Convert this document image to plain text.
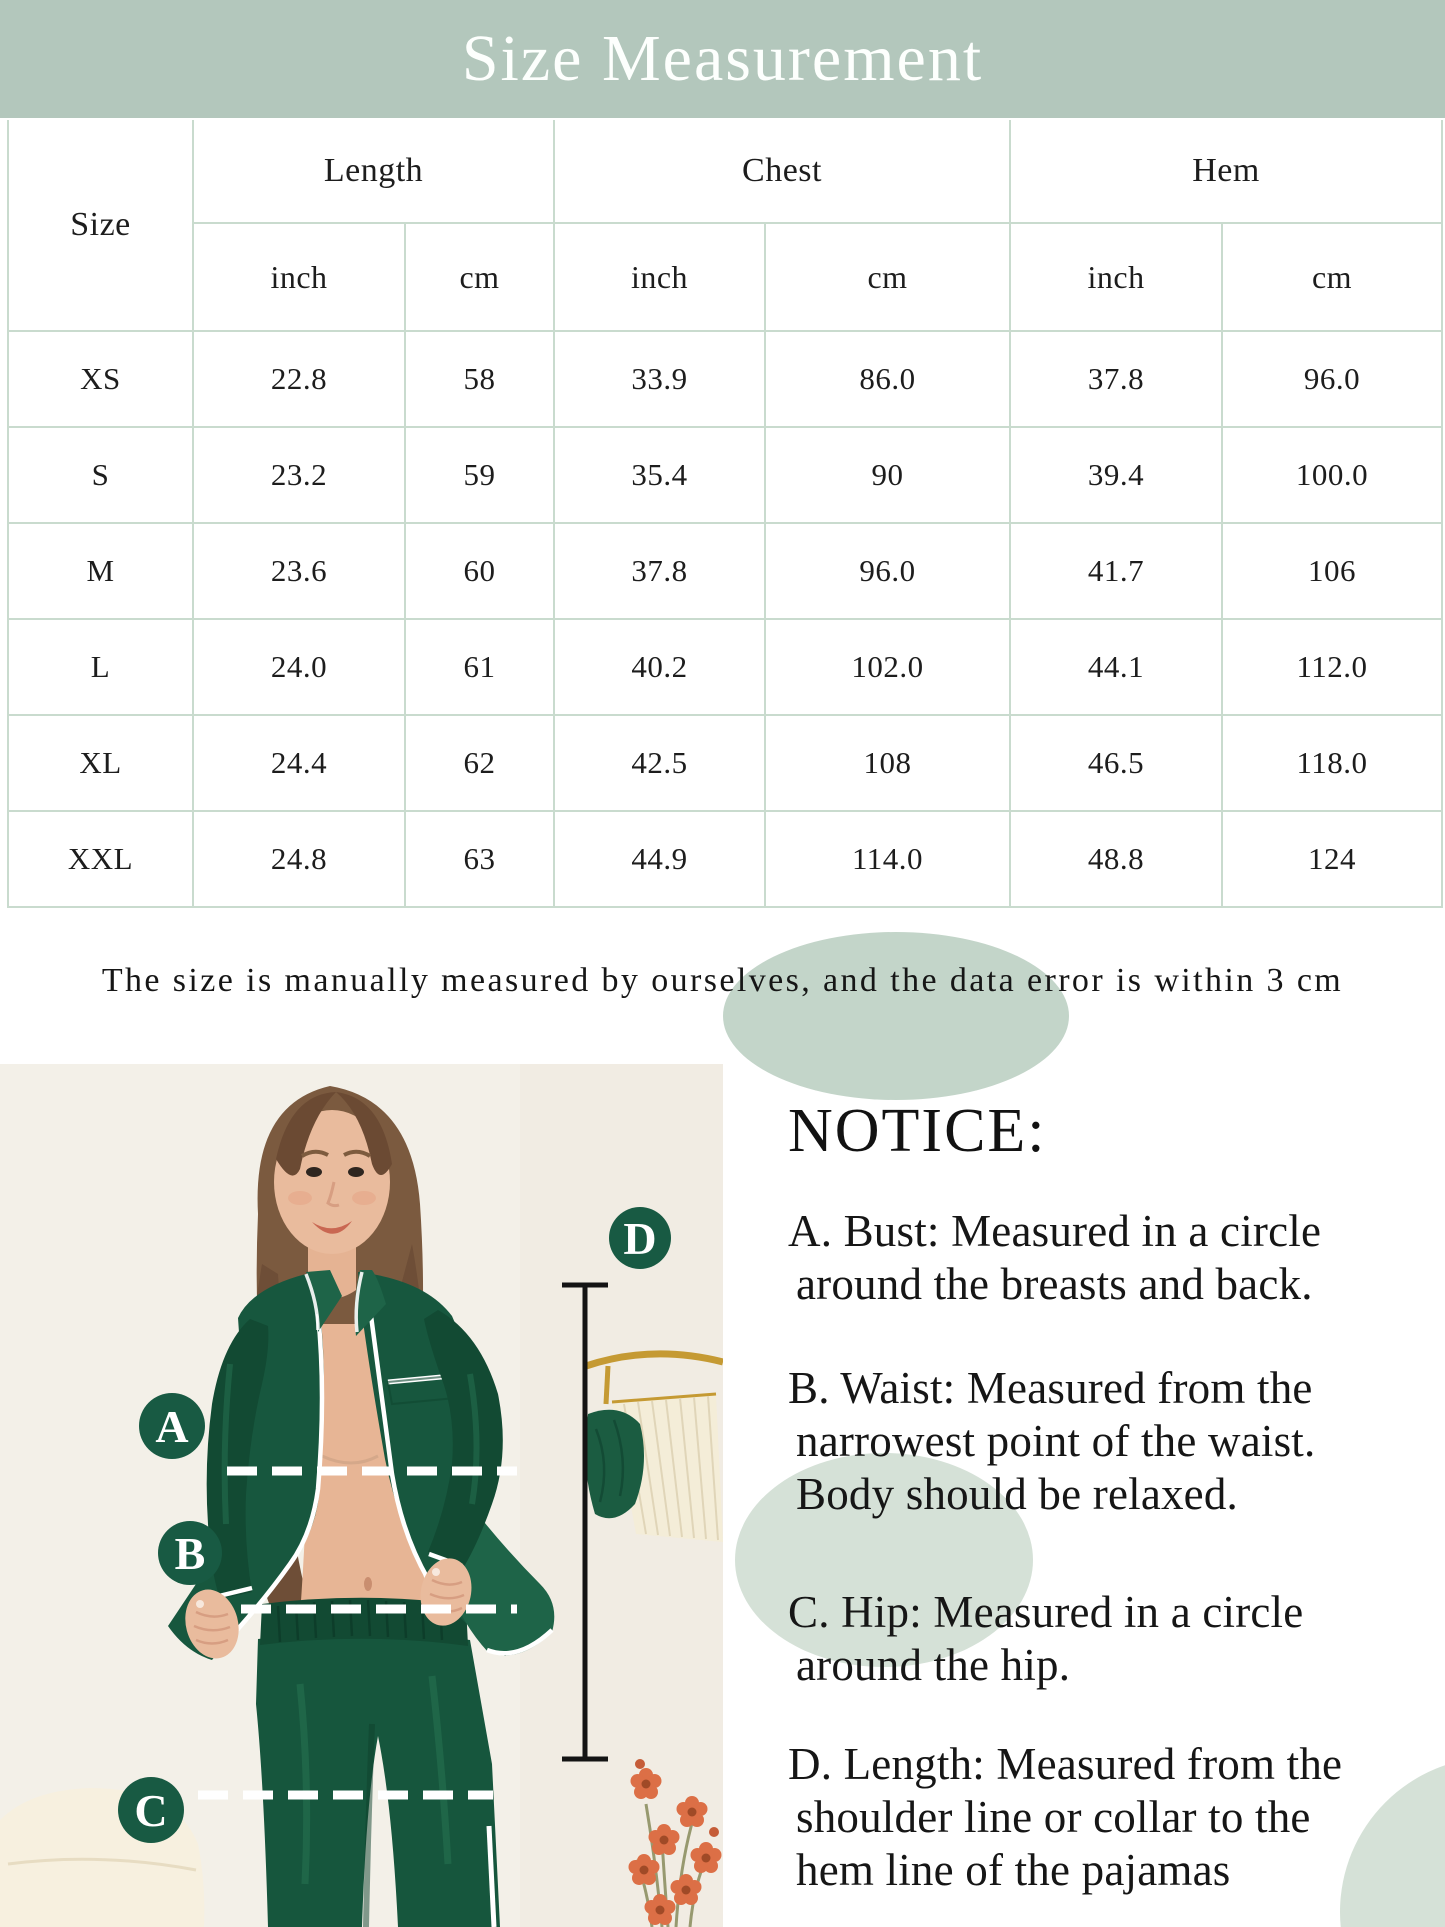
Size Measurement
Size	Length		Chest		Hem	
	inch	cm	inch	cm	inch	cm
XS	22.8	58	33.9	86.0	37.8	96.0
S	23.2	59	35.4	90	39.4	100.0
M	23.6	60	37.8	96.0	41.7	106
L	24.0	61	40.2	102.0	44.1	112.0
XL	24.4	62	42.5	108	46.5	118.0
XXL	24.8	63	44.9	114.0	48.8	124
The size is manually measured by ourselves, and the data error is within 3 cm
A
B
C
D
NOTICE:
A. Bust: Measured in a circle
around the breasts and back.
B. Waist: Measured from the
narrowest point of the waist.
Body should be relaxed.
C. Hip: Measured in a circle
around the hip.
D. Length: Measured from the
shoulder line or collar to the
hem line of the pajamas
